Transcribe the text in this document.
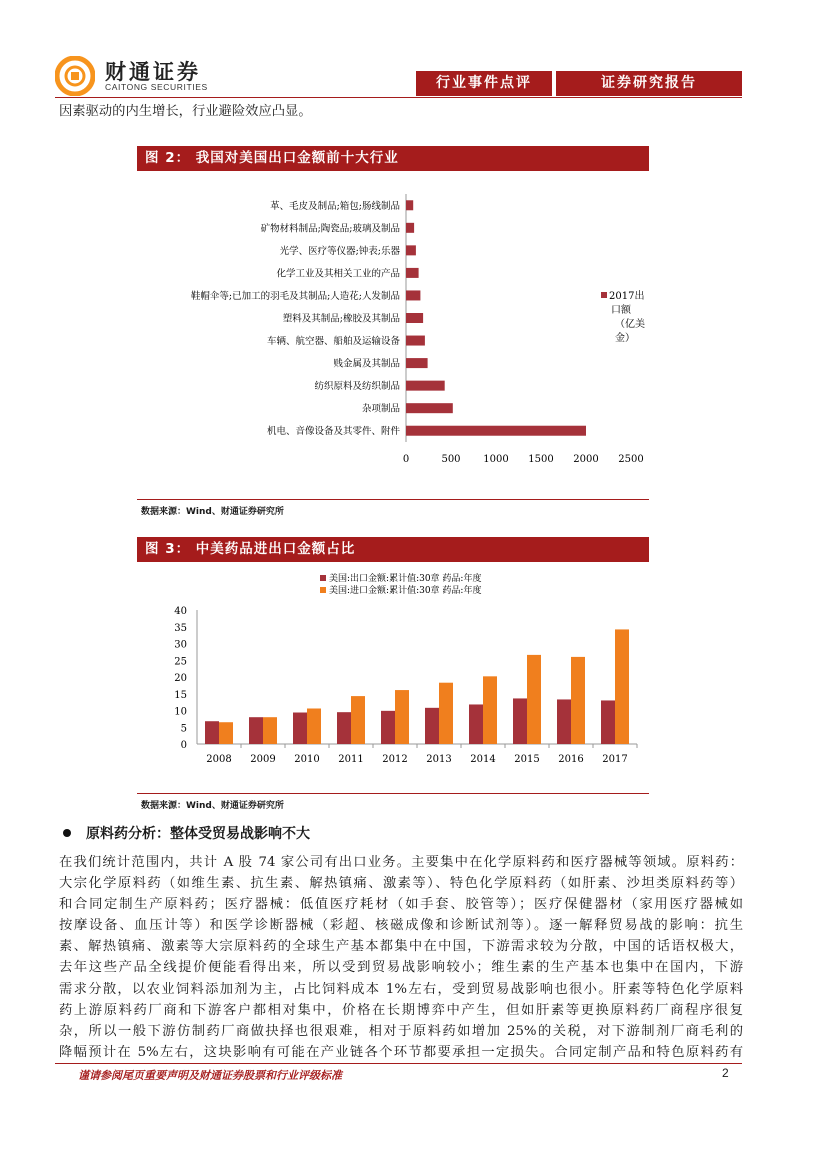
财通证券
CAITONG SECURITIES	行业事件点评	证券研究报告
因素驱动的内生增长，行业避险效应凸显。
图 2： 我国对美国出口金额前十大行业
革、毛皮及制品;箱包;肠线制品
矿物材料制品;陶瓷品;玻璃及制品
光学、医疗等仪器;钟表;乐器
化学工业及其相关工业的产品
鞋帽伞等;已加工的羽毛及其制品;人造花;人发制品
塑料及其制品;橡胶及其制品
车辆、航空器、船舶及运输设备
贱金属及其制品
纺织原料及纺织制品
杂项制品
机电、音像设备及其零件、附件
0	500 1000 1500 2000 2500
2017出
口额
（亿美
金）
数据来源：Wind、财通证券研究所
图 3： 中美药品进出口金额占比
美国:出口金额:累计值:30章 药品:年度
美国:进口金额:累计值:30章 药品:年度
0
5
10
15
20
25
30
35
40
2008 2009 2010 2011 2012 2013 2014 2015 2016 2017
数据来源：Wind、财通证券研究所
原料药分析：整体受贸易战影响不大
在我们统计范围内，共计 A 股 74 家公司有出口业务。主要集中在化学原料药和医疗器械等领域。原料药：
大宗化学原料药（如维生素、抗生素、解热镇痛、激素等）、特色化学原料药（如肝素、沙坦类原料药等）
和合同定制生产原料药；医疗器械：低值医疗耗材（如手套、胶管等）；医疗保健器材（家用医疗器械如
按摩设备、血压计等）和医学诊断器械（彩超、核磁成像和诊断试剂等）。逐一解释贸易战的影响：抗生
素、解热镇痛、激素等大宗原料药的全球生产基本都集中在中国，下游需求较为分散，中国的话语权极大，
去年这些产品全线提价便能看得出来，所以受到贸易战影响较小；维生素的生产基本也集中在国内，下游
需求分散，以农业饲料添加剂为主，占比饲料成本 1%左右，受到贸易战影响也很小。肝素等特色化学原料
药上游原料药厂商和下游客户都相对集中，价格在长期博弈中产生，但如肝素等更换原料药厂商程序很复
杂，所以一般下游仿制药厂商做抉择也很艰难，相对于原料药如增加 25%的关税，对下游制剂厂商毛利的
降幅预计在 5%左右，这块影响有可能在产业链各个环节都要承担一定损失。合同定制产品和特色原料药有
谨请参阅尾页重要声明及财通证券股票和行业评级标准	2
